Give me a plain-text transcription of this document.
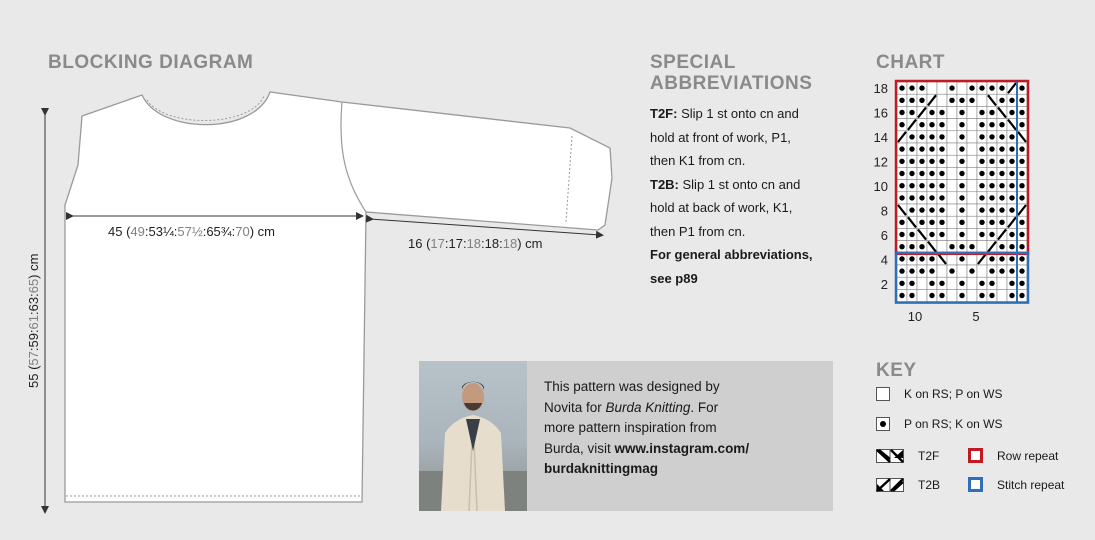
BLOCKING DIAGRAM	SPECIAL
ABBREVIATIONS
CHART
KEY
45 (49:53¼:57½:65¾:70) cm
16 (17:17:18:18:18) cm
55 (57:59:61:63:65) cm
T2F: Slip 1 st onto cn and
hold at front of work, P1,
then K1 from cn.
T2B: Slip 1 st onto cn and
hold at back of work, K1,
then P1 from cn.
For general abbreviations,
see p89
18
16
14
12
10
8
6
4
2
10	5
This pattern was designed by
Novita for Burda Knitting. For
more pattern inspiration from
Burda, visit www.instagram.com/
burdaknittingmag
K on RS; P on WS
P on RS; K on WS
T2F	Row repeat
T2B	Stitch repeat
